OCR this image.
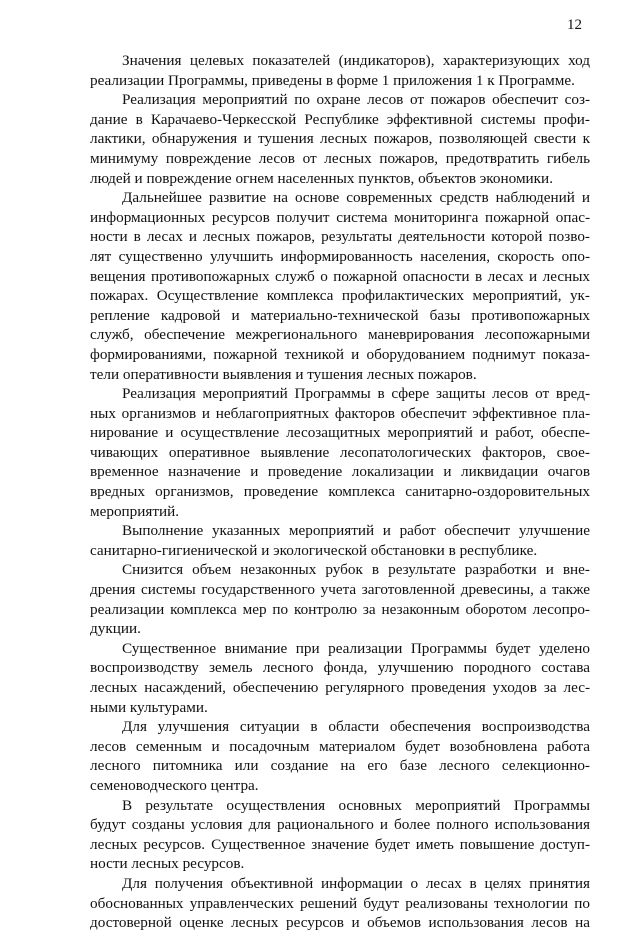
12

Значения целевых показателей (индикаторов), характеризующих ход
реализации Программы, приведены в форме 1 приложения 1 к Программе.

Реализация мероприятий по охране лесов от пожаров обеспечит соз-
дание в Карачаево-Черкесской Республике эффективной системы профи-
лактики, обнаружения и тушения лесных пожаров, позволяющей свести к
минимуму повреждение лесов от лесных пожаров, предотвратить гибель
людей и повреждение огнем населенных пунктов, объектов экономики.

Дальнейшее развитие на основе современных средств наблюдений и
информационных ресурсов получит система мониторинга пожарной опас-
ности в лесах и лесных пожаров, результаты деятельности которой позво-
лят существенно улучшить информированность населения, скорость опо-
вещения противопожарных служб о пожарной опасности в лесах и лесных
пожарах. Осуществление комплекса профилактических мероприятий, ук-
репление кадровой и материально-технической базы противопожарных
служб, обеспечение межрегионального маневрирования лесопожарными
формированиями, пожарной техникой и оборудованием поднимут показа-
тели оперативности выявления и тушения лесных пожаров.

Реализация мероприятий Программы в сфере защиты лесов от вред-
ных организмов и неблагоприятных факторов обеспечит эффективное пла-
нирование и осуществление лесозащитных мероприятий и работ, обеспе-
чивающих оперативное выявление лесопатологических факторов, свое-
временное назначение и проведение локализации и ликвидации очагов
вредных организмов, проведение комплекса санитарно-оздоровительных
мероприятий.

Выполнение указанных мероприятий и работ обеспечит улучшение
санитарно-гигиенической и экологической обстановки в республике.

Снизится объем незаконных рубок в результате разработки и вне-
дрения системы государственного учета заготовленной древесины, а также
реализации комплекса мер по контролю за незаконным оборотом лесопро-
дукции.

Существенное внимание при реализации Программы будет уделено
воспроизводству земель лесного фонда, улучшению породного состава
лесных насаждений, обеспечению регулярного проведения уходов за лес-
ными культурами.

Для улучшения ситуации в области обеспечения воспроизводства
лесов семенным и посадочным материалом будет возобновлена работа
лесного питомника или создание на его базе лесного селекционно-
семеноводческого центра.

В результате осуществления основных мероприятий Программы
будут созданы условия для рационального и более полного использования
лесных ресурсов. Существенное значение будет иметь повышение доступ-
ности лесных ресурсов.

Для получения объективной информации о лесах в целях принятия
обоснованных управленческих решений будут реализованы технологии по
достоверной оценке лесных ресурсов и объемов использования лесов на
